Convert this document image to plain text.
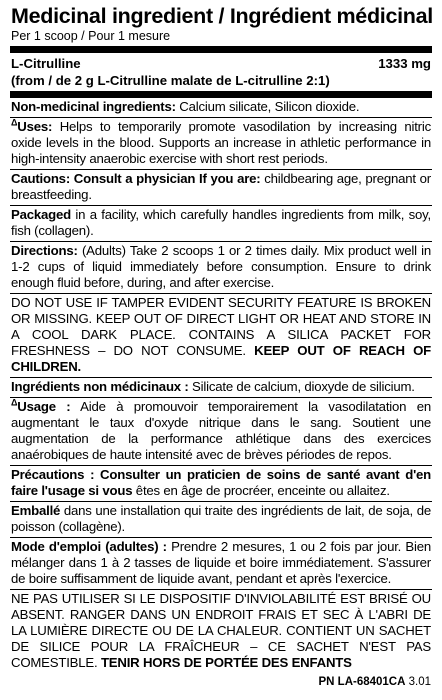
Medicinal ingredient / Ingrédient médicinal
Per 1 scoop / Pour 1 mesure
L-Citrulline	1333 mg
(from / de 2 g L-Citrulline malate de L-citrulline 2:1)
Non-medicinal ingredients: Calcium silicate, Silicon dioxide.
$^\Delta$Uses: Helps to temporarily promote vasodilation by increasing nitric oxide levels in the blood. Supports an increase in athletic performance in high-intensity anaerobic exercise with short rest periods.
Cautions: Consult a physician If you are: childbearing age, pregnant or breastfeeding.
Packaged in a facility, which carefully handles ingredients from milk, soy, fish (collagen).
Directions: (Adults) Take 2 scoops 1 or 2 times daily. Mix product well in 1-2 cups of liquid immediately before consumption. Ensure to drink enough fluid before, during, and after exercise.
DO NOT USE IF TAMPER EVIDENT SECURITY FEATURE IS BROKEN OR MISSING. KEEP OUT OF DIRECT LIGHT OR HEAT AND STORE IN A COOL DARK PLACE. CONTAINS A SILICA PACKET FOR FRESHNESS – DO NOT CONSUME. KEEP OUT OF REACH OF CHILDREN.
Ingrédients non médicinaux : Silicate de calcium, dioxyde de silicium.
$^\Delta$Usage : Aide à promouvoir temporairement la vasodilatation en augmentant le taux d'oxyde nitrique dans le sang. Soutient une augmentation de la performance athlétique dans des exercices anaérobiques de haute intensité avec de brèves périodes de repos.
Précautions : Consulter un praticien de soins de santé avant d'en faire l'usage si vous êtes en âge de procréer, enceinte ou allaitez.
Emballé dans une installation qui traite des ingrédients de lait, de soja, de poisson (collagène).
Mode d'emploi (adultes) : Prendre 2 mesures, 1 ou 2 fois par jour. Bien mélanger dans 1 à 2 tasses de liquide et boire immédiatement. S'assurer de boire suffisamment de liquide avant, pendant et après l'exercice.
NE PAS UTILISER SI LE DISPOSITIF D'INVIOLABILITÉ EST BRISÉ OU ABSENT. RANGER DANS UN ENDROIT FRAIS ET SEC À L'ABRI DE LA LUMIÈRE DIRECTE OU DE LA CHALEUR. CONTIENT UN SACHET DE SILICE POUR LA FRAÎCHEUR – CE SACHET N'EST PAS COMESTIBLE. TENIR HORS DE PORTÉE DES ENFANTS
PN LA-68401CA 3.01
